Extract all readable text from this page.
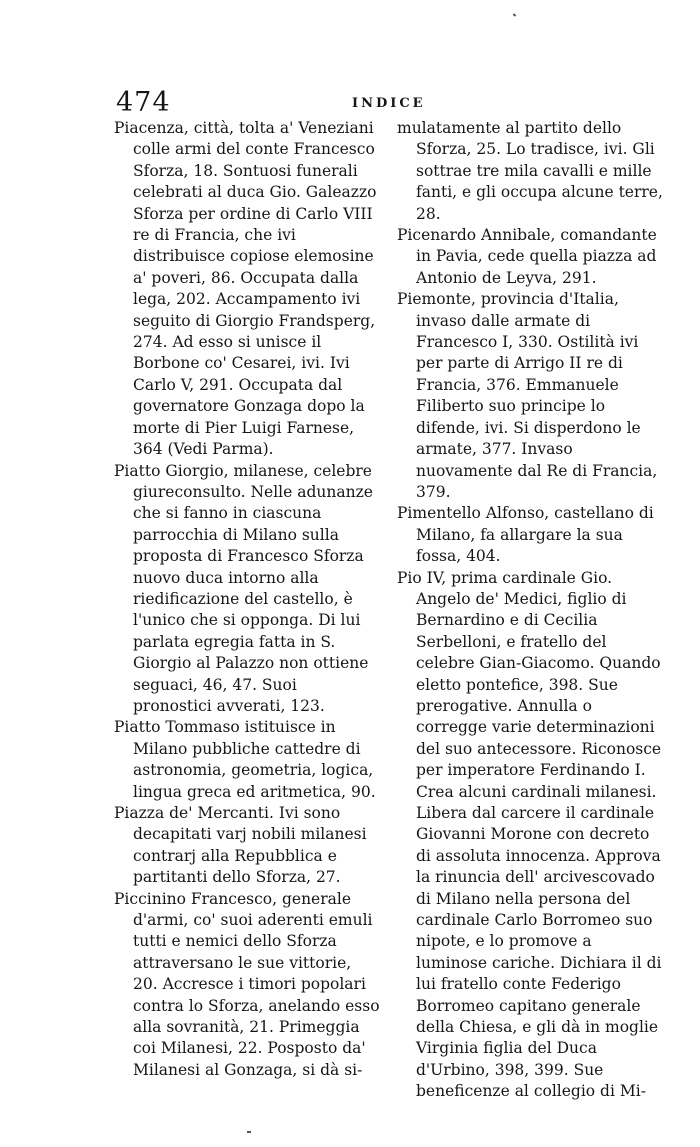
474	INDICE

Piacenza, città, tolta a' Veneziani colle armi del conte Francesco Sforza, 18. Sontuosi funerali celebrati al duca Gio. Galeazzo Sforza per ordine di Carlo VIII re di Francia, che ivi distribuisce copiose elemosine a' poveri, 86. Occupata dalla lega, 202. Accampamento ivi seguito di Giorgio Frandsperg, 274. Ad esso si unisce il Borbone co' Cesarei, ivi. Ivi Carlo V, 291. Occupata dal governatore Gonzaga dopo la morte di Pier Luigi Farnese, 364 (Vedi Parma).

Piatto Giorgio, milanese, celebre giureconsulto. Nelle adunanze che si fanno in ciascuna parrocchia di Milano sulla proposta di Francesco Sforza nuovo duca intorno alla riedificazione del castello, è l'unico che si opponga. Di lui parlata egregia fatta in S. Giorgio al Palazzo non ottiene seguaci, 46, 47. Suoi pronostici avverati, 123.

Piatto Tommaso istituisce in Milano pubbliche cattedre di astronomia, geometria, logica, lingua greca ed aritmetica, 90.

Piazza de' Mercanti. Ivi sono decapitati varj nobili milanesi contrarj alla Repubblica e partitanti dello Sforza, 27.

Piccinino Francesco, generale d'armi, co' suoi aderenti emuli tutti e nemici dello Sforza attraversano le sue vittorie, 20. Accresce i timori popolari contra lo Sforza, anelando esso alla sovranità, 21. Primeggia coi Milanesi, 22. Posposto da' Milanesi al Gonzaga, si dà si-

mulatamente al partito dello Sforza, 25. Lo tradisce, ivi. Gli sottrae tre mila cavalli e mille fanti, e gli occupa alcune terre, 28.

Picenardo Annibale, comandante in Pavia, cede quella piazza ad Antonio de Leyva, 291.

Piemonte, provincia d'Italia, invaso dalle armate di Francesco I, 330. Ostilità ivi per parte di Arrigo II re di Francia, 376. Emmanuele Filiberto suo principe lo difende, ivi. Si disperdono le armate, 377. Invaso nuovamente dal Re di Francia, 379.

Pimentello Alfonso, castellano di Milano, fa allargare la sua fossa, 404.

Pio IV, prima cardinale Gio. Angelo de' Medici, figlio di Bernardino e di Cecilia Serbelloni, e fratello del celebre Gian-Giacomo. Quando eletto pontefice, 398. Sue prerogative. Annulla o corregge varie determinazioni del suo antecessore. Riconosce per imperatore Ferdinando I. Crea alcuni cardinali milanesi. Libera dal carcere il cardinale Giovanni Morone con decreto di assoluta innocenza. Approva la rinuncia dell' arcivescovado di Milano nella persona del cardinale Carlo Borromeo suo nipote, e lo promove a luminose cariche. Dichiara il di lui fratello conte Federigo Borromeo capitano generale della Chiesa, e gli dà in moglie Virginia figlia del Duca d'Urbino, 398, 399. Sue beneficenze al collegio di Mi-
